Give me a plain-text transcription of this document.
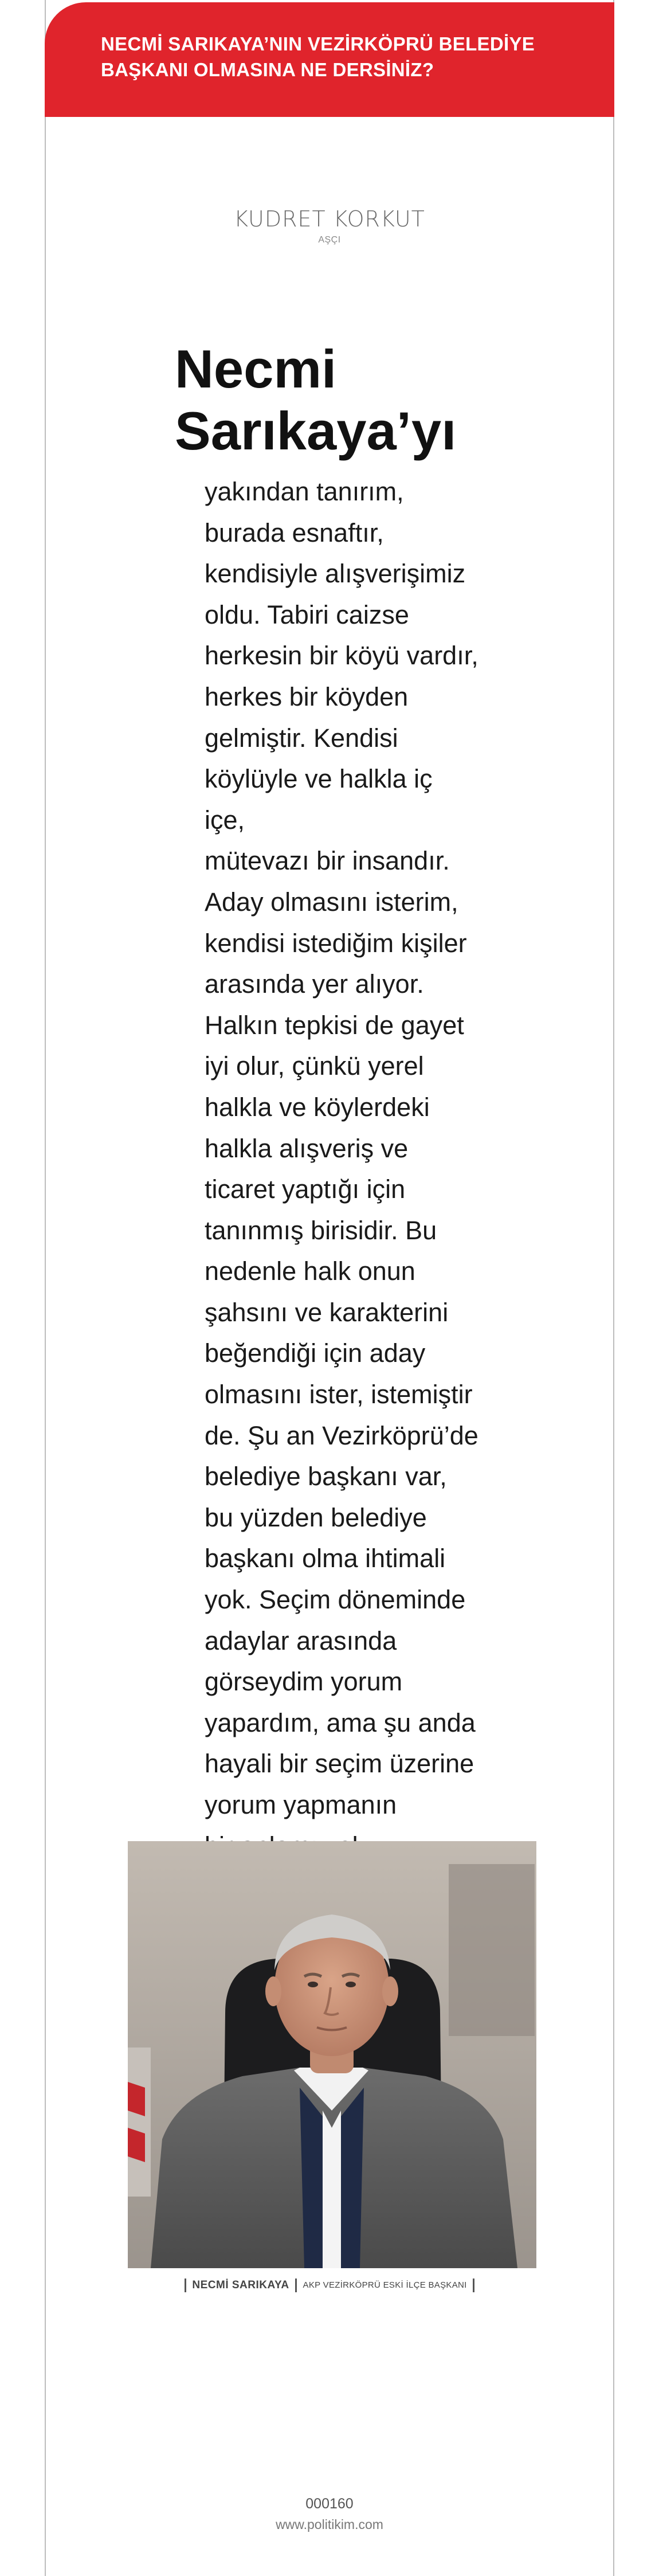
NECMİ SARIKAYA’NIN VEZİRKÖPRÜ BELEDİYE
BAŞKANI OLMASINA NE DERSİNİZ?

KUDRET KORKUT
AŞÇI
Necmi
Sarıkaya’yı
yakından tanırım,
burada esnaftır,
kendisiyle alışverişimiz
oldu. Tabiri caizse
herkesin bir köyü vardır,
herkes bir köyden
gelmiştir. Kendisi
köylüyle ve halkla iç içe,
mütevazı bir insandır.
Aday olmasını isterim,
kendisi istediğim kişiler
arasında yer alıyor.
Halkın tepkisi de gayet
iyi olur, çünkü yerel
halkla ve köylerdeki
halkla alışveriş ve
ticaret yaptığı için
tanınmış birisidir. Bu
nedenle halk onun
şahsını ve karakterini
beğendiği için aday
olmasını ister, istemiştir
de. Şu an Vezirköprü’de
belediye başkanı var,
bu yüzden belediye
başkanı olma ihtimali
yok. Seçim döneminde
adaylar arasında
görseydim yorum
yapardım, ama şu anda
hayali bir seçim üzerine
yorum yapmanın
NECMİ SARIKAYA AKP VEZİRKÖPRÜ ESKİ İLÇE BAŞKANI
000160
www.politikim.com
